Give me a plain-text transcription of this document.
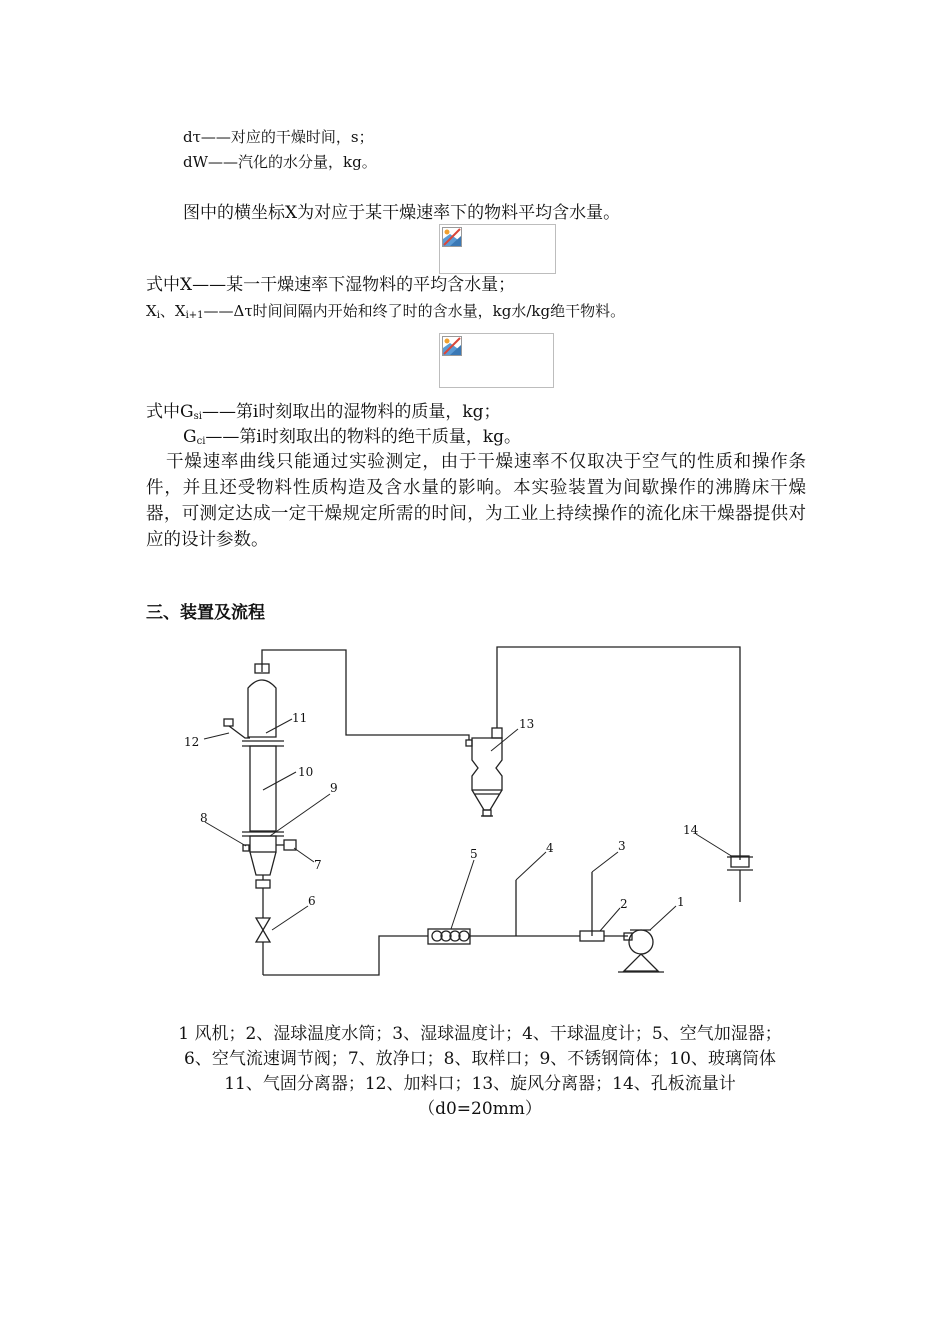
dτ——对应的干燥时间，s；
dW——汽化的水分量，kg。
图中的横坐标X为对应于某干燥速率下的物料平均含水量。
式中X——某一干燥速率下湿物料的平均含水量；
$X_i$、$X_{i+1}——\Delta\tau$时间间隔内开始和终了时的含水量，kg水/kg绝干物料。
式中$G_{si}——$第i时刻取出的湿物料的质量，kg；
$G_{ci}——$第i时刻取出的物料的绝干质量，kg。
干燥速率曲线只能通过实验测定，由于干燥速率不仅取决于空气的性质和操作条件，并且还受物料性质构造及含水量的影响。本实验装置为间歇操作的沸腾床干燥器，可测定达成一定干燥规定所需的时间，为工业上持续操作的流化床干燥器提供对应的设计参数。
三、装置及流程
1
2
3
4
5
6
7
8
9
10
11
12
13
14
1 风机；2、湿球温度水筒；3、湿球温度计；4、干球温度计；5、空气加湿器；
6、空气流速调节阀；7、放净口；8、取样口；9、不锈钢筒体；10、玻璃筒体
11、气固分离器；12、加料口；13、旋风分离器；14、孔板流量计
（d0=20mm）
